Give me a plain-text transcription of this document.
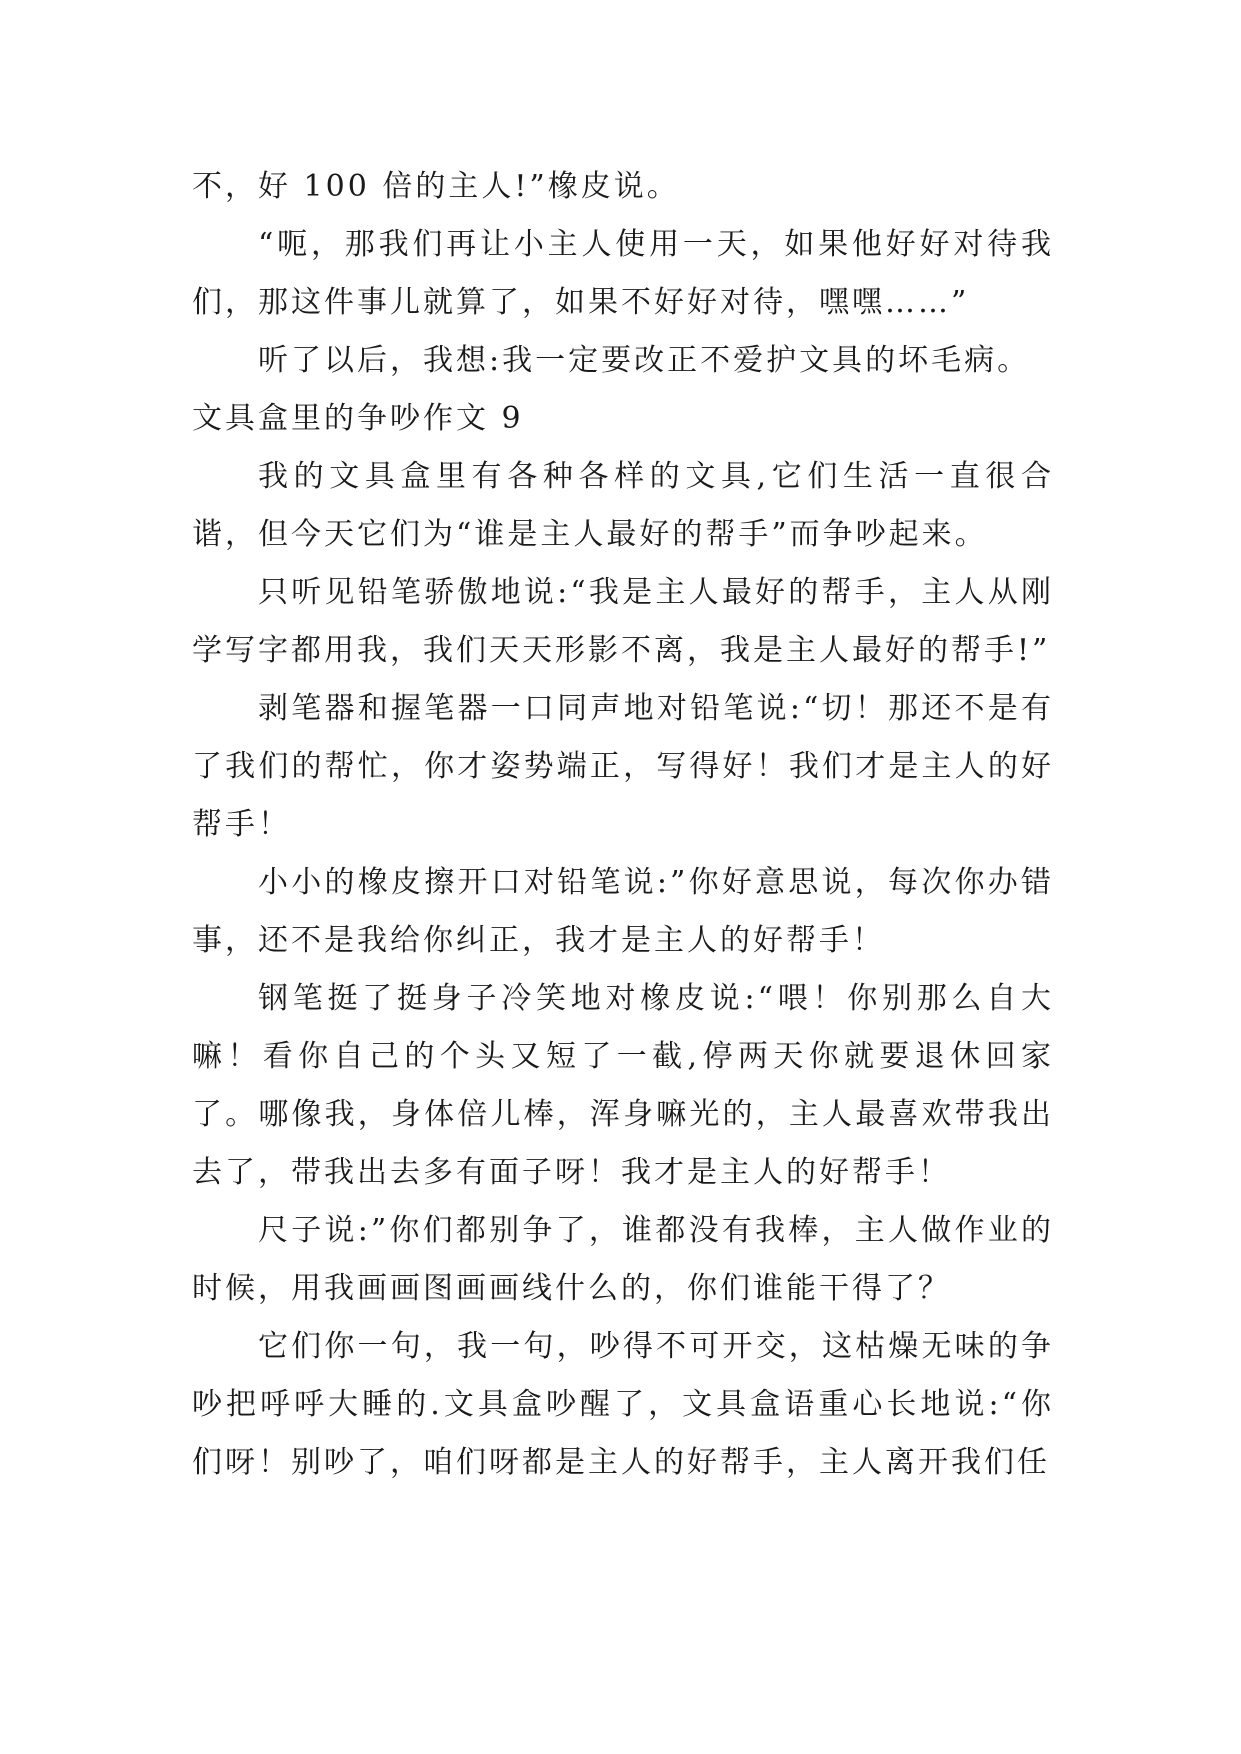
不，好 100 倍的主人!”橡皮说。

“呃，那我们再让小主人使用一天，如果他好好对待我们，那这件事儿就算了，如果不好好对待，嘿嘿……”

听了以后，我想:我一定要改正不爱护文具的坏毛病。

文具盒里的争吵作文 9

我的文具盒里有各种各样的文具,它们生活一直很合谐，但今天它们为“谁是主人最好的帮手”而争吵起来。

只听见铅笔骄傲地说:“我是主人最好的帮手，主人从刚学写字都用我，我们天天形影不离，我是主人最好的帮手!”

剥笔器和握笔器一口同声地对铅笔说:“切！那还不是有了我们的帮忙，你才姿势端正，写得好！我们才是主人的好帮手！

小小的橡皮擦开口对铅笔说:”你好意思说，每次你办错事，还不是我给你纠正，我才是主人的好帮手！

钢笔挺了挺身子冷笑地对橡皮说:“喂！你别那么自大嘛！看你自己的个头又短了一截,停两天你就要退休回家了。哪像我，身体倍儿棒，浑身嘛光的，主人最喜欢带我出去了，带我出去多有面子呀！我才是主人的好帮手！

尺子说:”你们都别争了，谁都没有我棒，主人做作业的时候，用我画画图画画线什么的，你们谁能干得了？

它们你一句，我一句，吵得不可开交，这枯燥无味的争吵把呼呼大睡的.文具盒吵醒了，文具盒语重心长地说:“你们呀！别吵了，咱们呀都是主人的好帮手，主人离开我们任
